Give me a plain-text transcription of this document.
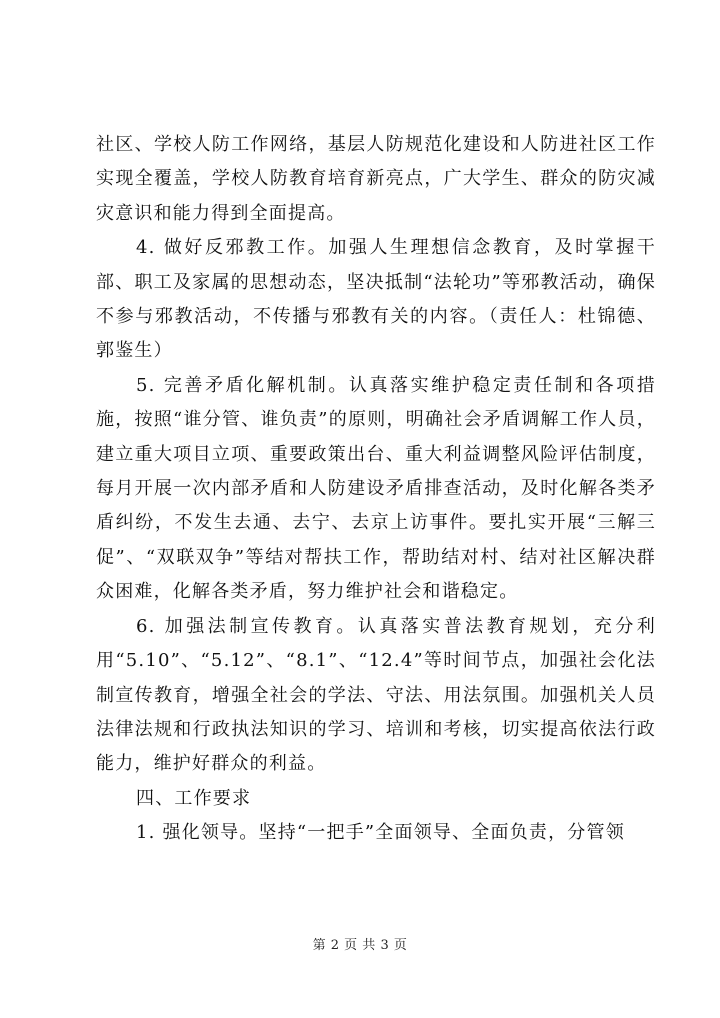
社区、学校人防工作网络，基层人防规范化建设和人防进社区工作实现全覆盖，学校人防教育培育新亮点，广大学生、群众的防灾减灾意识和能力得到全面提高。

4. 做好反邪教工作。加强人生理想信念教育，及时掌握干部、职工及家属的思想动态，坚决抵制“法轮功”等邪教活动，确保不参与邪教活动，不传播与邪教有关的内容。（责任人：杜锦德、郭鉴生）

5. 完善矛盾化解机制。认真落实维护稳定责任制和各项措施，按照“谁分管、谁负责”的原则，明确社会矛盾调解工作人员，建立重大项目立项、重要政策出台、重大利益调整风险评估制度，每月开展一次内部矛盾和人防建设矛盾排查活动，及时化解各类矛盾纠纷，不发生去通、去宁、去京上访事件。要扎实开展“三解三促”、“双联双争”等结对帮扶工作，帮助结对村、结对社区解决群众困难，化解各类矛盾，努力维护社会和谐稳定。

6. 加强法制宣传教育。认真落实普法教育规划，充分利用“5.10”、“5.12”、“8.1”、“12.4”等时间节点，加强社会化法制宣传教育，增强全社会的学法、守法、用法氛围。加强机关人员法律法规和行政执法知识的学习、培训和考核，切实提高依法行政能力，维护好群众的利益。

四、工作要求

1. 强化领导。坚持“一把手”全面领导、全面负责，分管领

第 2 页 共 3 页
